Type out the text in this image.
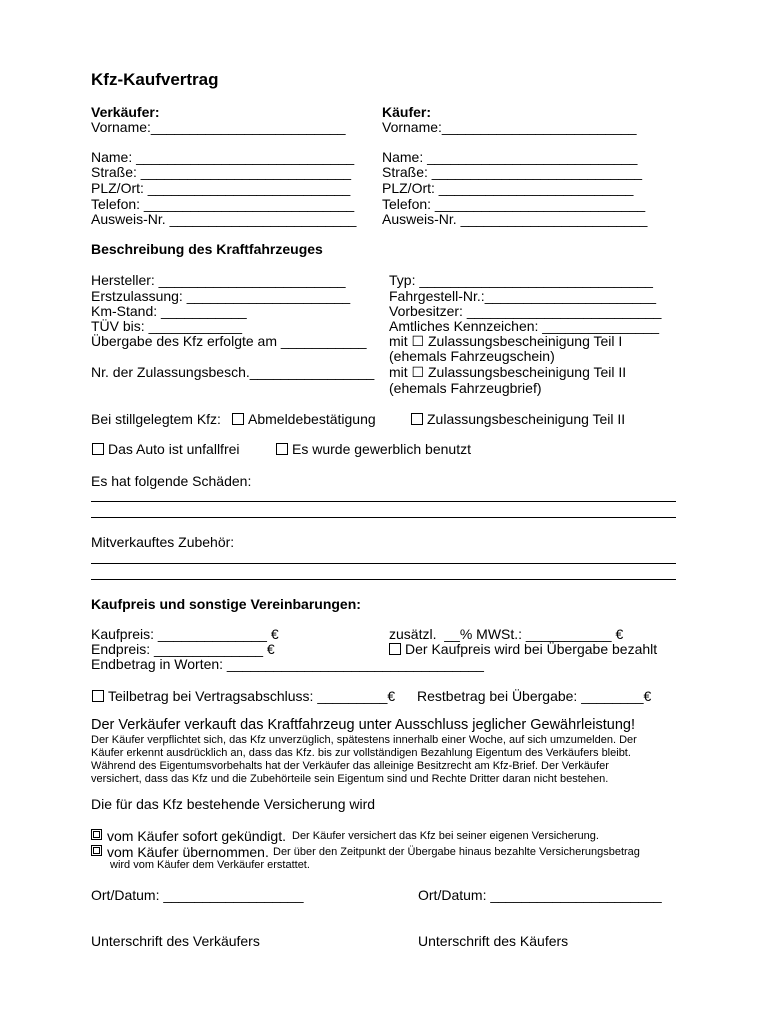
Kfz-Kaufvertrag
Verkäufer:
Vorname:_________________________
Name: ____________________________
Straße: ___________________________
PLZ/Ort: __________________________
Telefon: ___________________________
Ausweis-Nr. ________________________
Käufer:
Vorname:_________________________
Name: ___________________________
Straße: ___________________________
PLZ/Ort: _________________________
Telefon: ___________________________
Ausweis-Nr. ________________________
Beschreibung des Kraftfahrzeuges
Hersteller: ________________________
Erstzulassung: _____________________
Km-Stand: ___________
TÜV bis: ____________
Übergabe des Kfz erfolgte am ___________
Nr. der Zulassungsbesch.________________
Typ: ______________________________
Fahrgestell-Nr.:______________________
Vorbesitzer: _________________________
Amtliches Kennzeichen: _______________
mit ☐ Zulassungsbescheinigung Teil I
(ehemals Fahrzeugschein)
mit ☐ Zulassungsbescheinigung Teil II
(ehemals Fahrzeugbrief)
Bei stillgelegtem Kfz: Abmeldebestätigung	Zulassungsbescheinigung Teil II
Das Auto ist unfallfrei	Es wurde gewerblich benutzt
Es hat folgende Schäden:
Mitverkauftes Zubehör:
Kaufpreis und sonstige Vereinbarungen:
Kaufpreis: ______________ €
Endpreis: ______________ €
Endbetrag in Worten: _________________________________
zusätzl.  __% MWSt.: ___________ €
Der Kaufpreis wird bei Übergabe bezahlt
Teilbetrag bei Vertragsabschluss: _________€ Restbetrag bei Übergabe: ________€
Der Verkäufer verkauft das Kraftfahrzeug unter Ausschluss jeglicher Gewährleistung!
Der Käufer verpflichtet sich, das Kfz unverzüglich, spätestens innerhalb einer Woche, auf sich umzumelden. Der
Käufer erkennt ausdrücklich an, dass das Kfz. bis zur vollständigen Bezahlung Eigentum des Verkäufers bleibt.
Während des Eigentumsvorbehalts hat der Verkäufer das alleinige Besitzrecht am Kfz-Brief. Der Verkäufer
versichert, dass das Kfz und die Zubehörteile sein Eigentum sind und Rechte Dritter daran nicht bestehen.
Die für das Kfz bestehende Versicherung wird
vom Käufer sofort gekündigt. Der Käufer versichert das Kfz bei seiner eigenen Versicherung.
vom Käufer übernommen. Der über den Zeitpunkt der Übergabe hinaus bezahlte Versicherungsbetrag
wird vom Käufer dem Verkäufer erstattet.
Ort/Datum: __________________	Ort/Datum: ______________________
Unterschrift des Verkäufers	Unterschrift des Käufers
